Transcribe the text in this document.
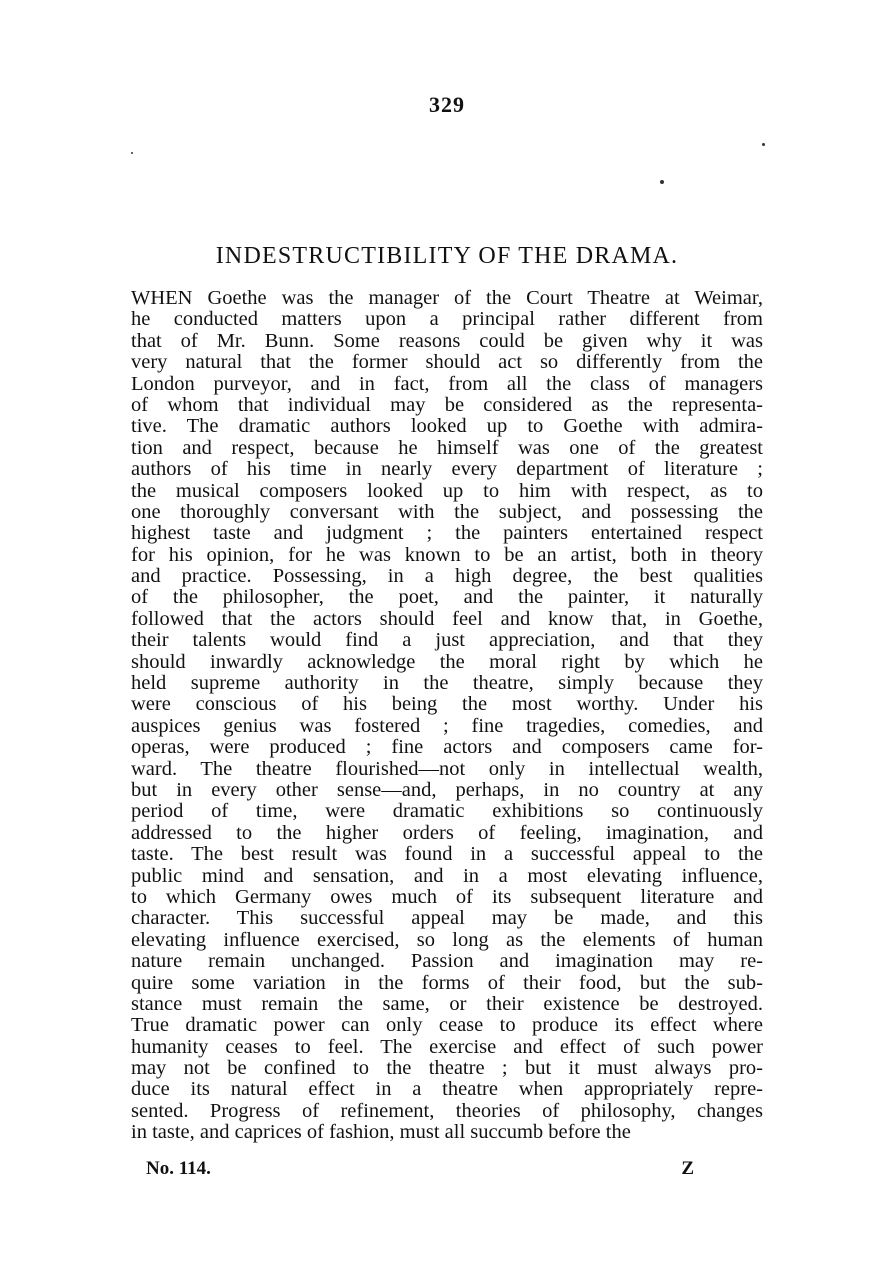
329
INDESTRUCTIBILITY OF THE DRAMA.
WHEN Goethe was the manager of the Court Theatre at Weimar,
he conducted matters upon a principal rather different from
that of Mr. Bunn. Some reasons could be given why it was
very natural that the former should act so differently from the
London purveyor, and in fact, from all the class of managers
of whom that individual may be considered as the representa-
tive. The dramatic authors looked up to Goethe with admira-
tion and respect, because he himself was one of the greatest
authors of his time in nearly every department of literature ;
the musical composers looked up to him with respect, as to
one thoroughly conversant with the subject, and possessing the
highest taste and judgment ; the painters entertained respect
for his opinion, for he was known to be an artist, both in theory
and practice. Possessing, in a high degree, the best qualities
of the philosopher, the poet, and the painter, it naturally
followed that the actors should feel and know that, in Goethe,
their talents would find a just appreciation, and that they
should inwardly acknowledge the moral right by which he
held supreme authority in the theatre, simply because they
were conscious of his being the most worthy. Under his
auspices genius was fostered ; fine tragedies, comedies, and
operas, were produced ; fine actors and composers came for-
ward. The theatre flourished—not only in intellectual wealth,
but in every other sense—and, perhaps, in no country at any
period of time, were dramatic exhibitions so continuously
addressed to the higher orders of feeling, imagination, and
taste. The best result was found in a successful appeal to the
public mind and sensation, and in a most elevating influence,
to which Germany owes much of its subsequent literature and
character. This successful appeal may be made, and this
elevating influence exercised, so long as the elements of human
nature remain unchanged. Passion and imagination may re-
quire some variation in the forms of their food, but the sub-
stance must remain the same, or their existence be destroyed.
True dramatic power can only cease to produce its effect where
humanity ceases to feel. The exercise and effect of such power
may not be confined to the theatre ; but it must always pro-
duce its natural effect in a theatre when appropriately repre-
sented. Progress of refinement, theories of philosophy, changes
in taste, and caprices of fashion, must all succumb before the
No. 114.	Z
